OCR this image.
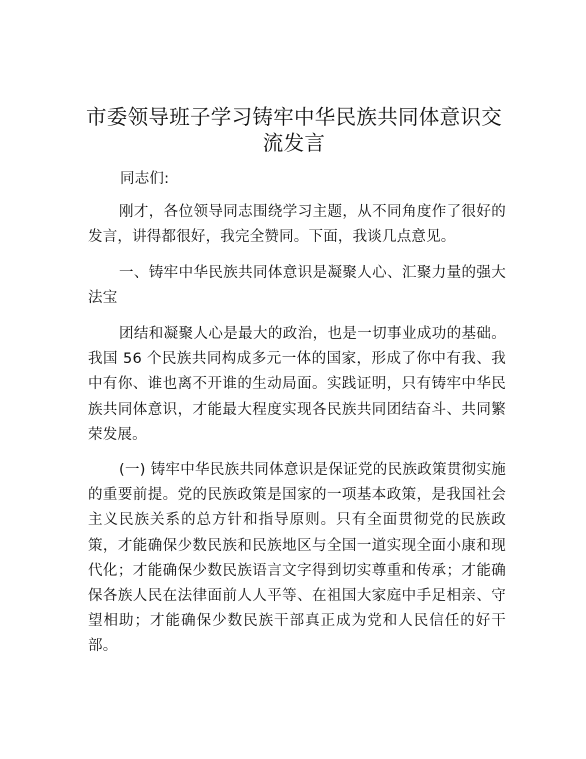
市委领导班子学习铸牢中华民族共同体意识交
流发言
同志们:
刚才，各位领导同志围绕学习主题，从不同角度作了很好的发言，讲得都很好，我完全赞同。下面，我谈几点意见。
一、铸牢中华民族共同体意识是凝聚人心、汇聚力量的强大法宝
团结和凝聚人心是最大的政治，也是一切事业成功的基础。我国 56 个民族共同构成多元一体的国家，形成了你中有我、我中有你、谁也离不开谁的生动局面。实践证明，只有铸牢中华民族共同体意识，才能最大程度实现各民族共同团结奋斗、共同繁荣发展。
(一) 铸牢中华民族共同体意识是保证党的民族政策贯彻实施的重要前提。党的民族政策是国家的一项基本政策，是我国社会主义民族关系的总方针和指导原则。只有全面贯彻党的民族政策，才能确保少数民族和民族地区与全国一道实现全面小康和现代化；才能确保少数民族语言文字得到切实尊重和传承；才能确保各族人民在法律面前人人平等、在祖国大家庭中手足相亲、守望相助；才能确保少数民族干部真正成为党和人民信任的好干部。
